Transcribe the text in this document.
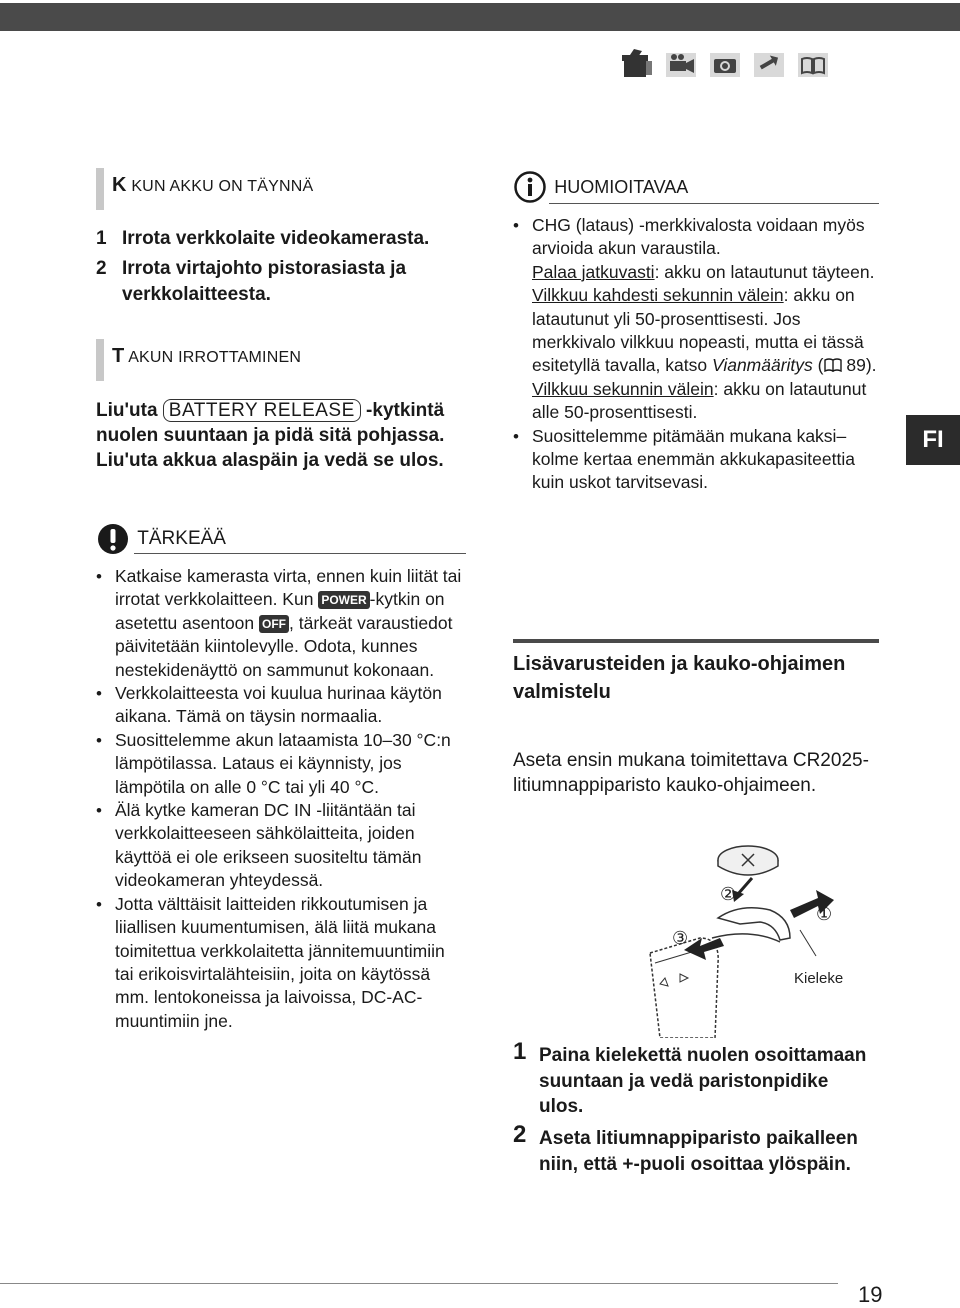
K KUN AKKU ON TÄYNNÄ
1 Irrota verkkolaite videokamerasta.
2 Irrota virtajohto pistorasiasta ja verkkolaitteesta.
T AKUN IRROTTAMINEN
Liu'uta BATTERY RELEASE -kytkintä nuolen suuntaan ja pidä sitä pohjassa. Liu'uta akkua alaspäin ja vedä se ulos.
TÄRKEÄÄ
• Katkaise kamerasta virta, ennen kuin liität tai irrotat verkkolaitteen. Kun POWER -kytkin on asetettu asentoon OFF , tärkeät varaustiedot päivitetään kiintolevylle. Odota, kunnes nestekidenäyttö on sammunut kokonaan.
• Verkkolaitteesta voi kuulua hurinaa käytön aikana. Tämä on täysin normaalia.
• Suosittelemme akun lataamista 10–30 °C:n lämpötilassa. Lataus ei käynnisty, jos lämpötila on alle 0 °C tai yli 40 °C.
• Älä kytke kameran DC IN -liitäntään tai verkkolaitteeseen sähkölaitteita, joiden käyttöä ei ole erikseen suositeltu tämän videokameran yhteydessä.
• Jotta välttäisit laitteiden rikkoutumisen ja liiallisen kuumentumisen, älä liitä mukana toimitettua verkkolaitetta jännitemuuntimiin tai erikoisvirtalähteisiin, joita on käytössä mm. lentokoneissa ja laivoissa, DC-AC-muuntimiin jne.
HUOMIOITAVAA
• CHG (lataus) -merkkivalosta voidaan myös arvioida akun varaustila.
Palaa jatkuvasti: akku on latautunut täyteen.
Vilkkuu kahdesti sekunnin välein: akku on latautunut yli 50-prosenttisesti. Jos merkkivalo vilkkuu nopeasti, mutta ei tässä esitetyllä tavalla, katso Vianmääritys ( 89).
Vilkkuu sekunnin välein: akku on latautunut alle 50-prosenttisesti.
• Suosittelemme pitämään mukana kaksi–kolme kertaa enemmän akkukapasiteettia kuin uskot tarvitsevasi.
FI
Lisävarusteiden ja kauko-ohjaimen valmistelu
Aseta ensin mukana toimitettava CR2025-litiumnappiparisto kauko-ohjaimeen.
②
①
③
Kieleke
1 Paina kielekettä nuolen osoittamaan suuntaan ja vedä paristonpidike ulos.
2 Aseta litiumnappiparisto paikalleen niin, että +-puoli osoittaa ylöspäin.
19
